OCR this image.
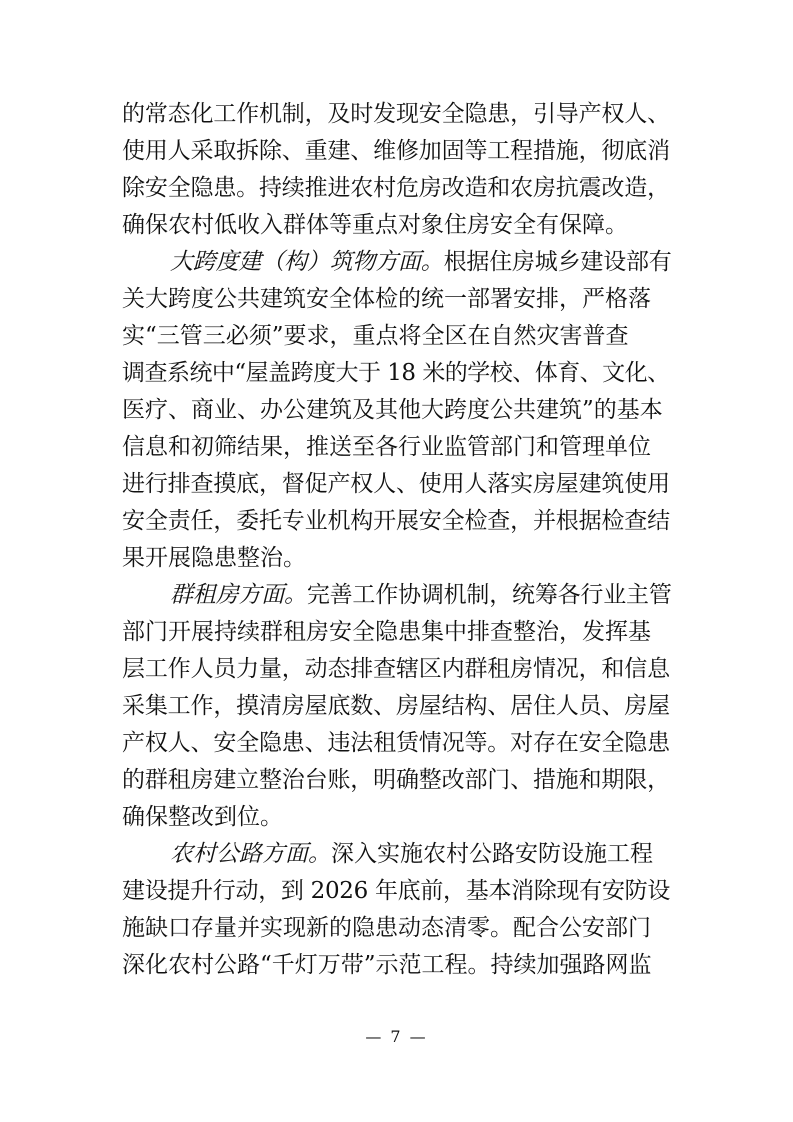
的常态化工作机制，及时发现安全隐患，引导产权人、
使用人采取拆除、重建、维修加固等工程措施，彻底消
除安全隐患。持续推进农村危房改造和农房抗震改造，
确保农村低收入群体等重点对象住房安全有保障。
大跨度建（构）筑物方面。根据住房城乡建设部有
关大跨度公共建筑安全体检的统一部署安排，严格落
实“三管三必须”要求，重点将全区在自然灾害普查
调查系统中“屋盖跨度大于 18 米的学校、体育、文化、
医疗、商业、办公建筑及其他大跨度公共建筑”的基本
信息和初筛结果，推送至各行业监管部门和管理单位
进行排查摸底，督促产权人、使用人落实房屋建筑使用
安全责任，委托专业机构开展安全检查，并根据检查结
果开展隐患整治。
群租房方面。完善工作协调机制，统筹各行业主管
部门开展持续群租房安全隐患集中排查整治，发挥基
层工作人员力量，动态排查辖区内群租房情况，和信息
采集工作，摸清房屋底数、房屋结构、居住人员、房屋
产权人、安全隐患、违法租赁情况等。对存在安全隐患
的群租房建立整治台账，明确整改部门、措施和期限，
确保整改到位。
农村公路方面。深入实施农村公路安防设施工程
建设提升行动，到 2026 年底前，基本消除现有安防设
施缺口存量并实现新的隐患动态清零。配合公安部门
深化农村公路“千灯万带”示范工程。持续加强路网监
— 7 —
